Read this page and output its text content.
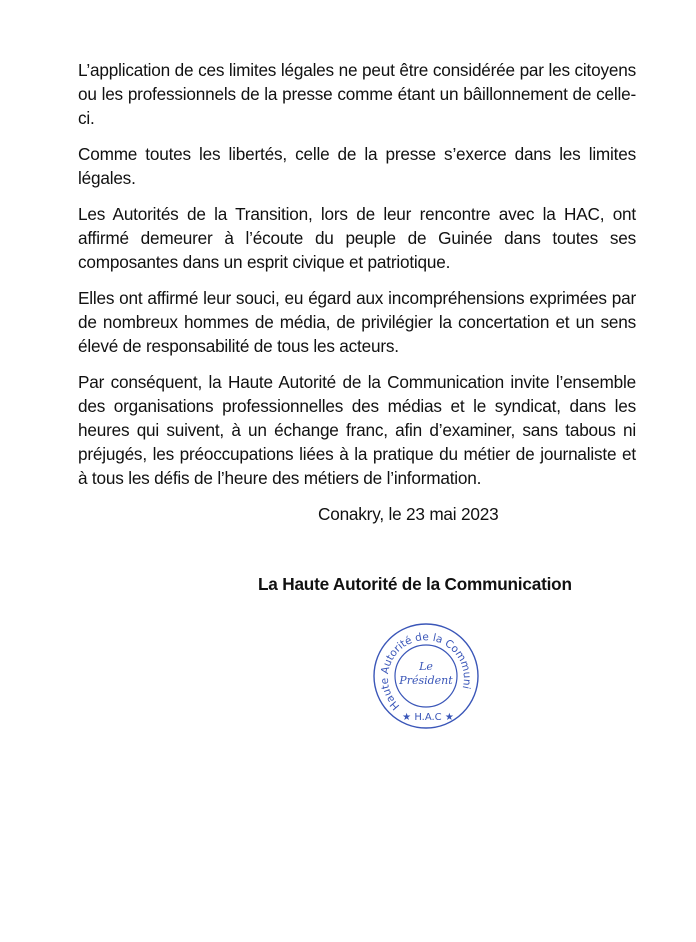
L’application de ces limites légales ne peut être considérée par les citoyens ou les professionnels de la presse comme étant un bâillonnement de celle-ci.

Comme toutes les libertés, celle de la presse s’exerce dans les limites légales.

Les Autorités de la Transition, lors de leur rencontre avec la HAC, ont affirmé demeurer à l’écoute du peuple de Guinée dans toutes ses composantes dans un esprit civique et patriotique.

Elles ont affirmé leur souci, eu égard aux incompréhensions exprimées par de nombreux hommes de média, de privilégier la concertation et un sens élevé de responsabilité de tous les acteurs.

Par conséquent, la Haute Autorité de la Communication invite l’ensemble des organisations professionnelles des médias et le syndicat, dans les heures qui suivent, à un échange franc, afin d’examiner, sans tabous ni préjugés, les préoccupations liées à la pratique du métier de journaliste et à tous les défis de l’heure des métiers de l’information.

Conakry, le 23 mai 2023
La Haute Autorité de la Communication
Haute Autorité de la Communi
Le
Président
★ H.A.C ★
